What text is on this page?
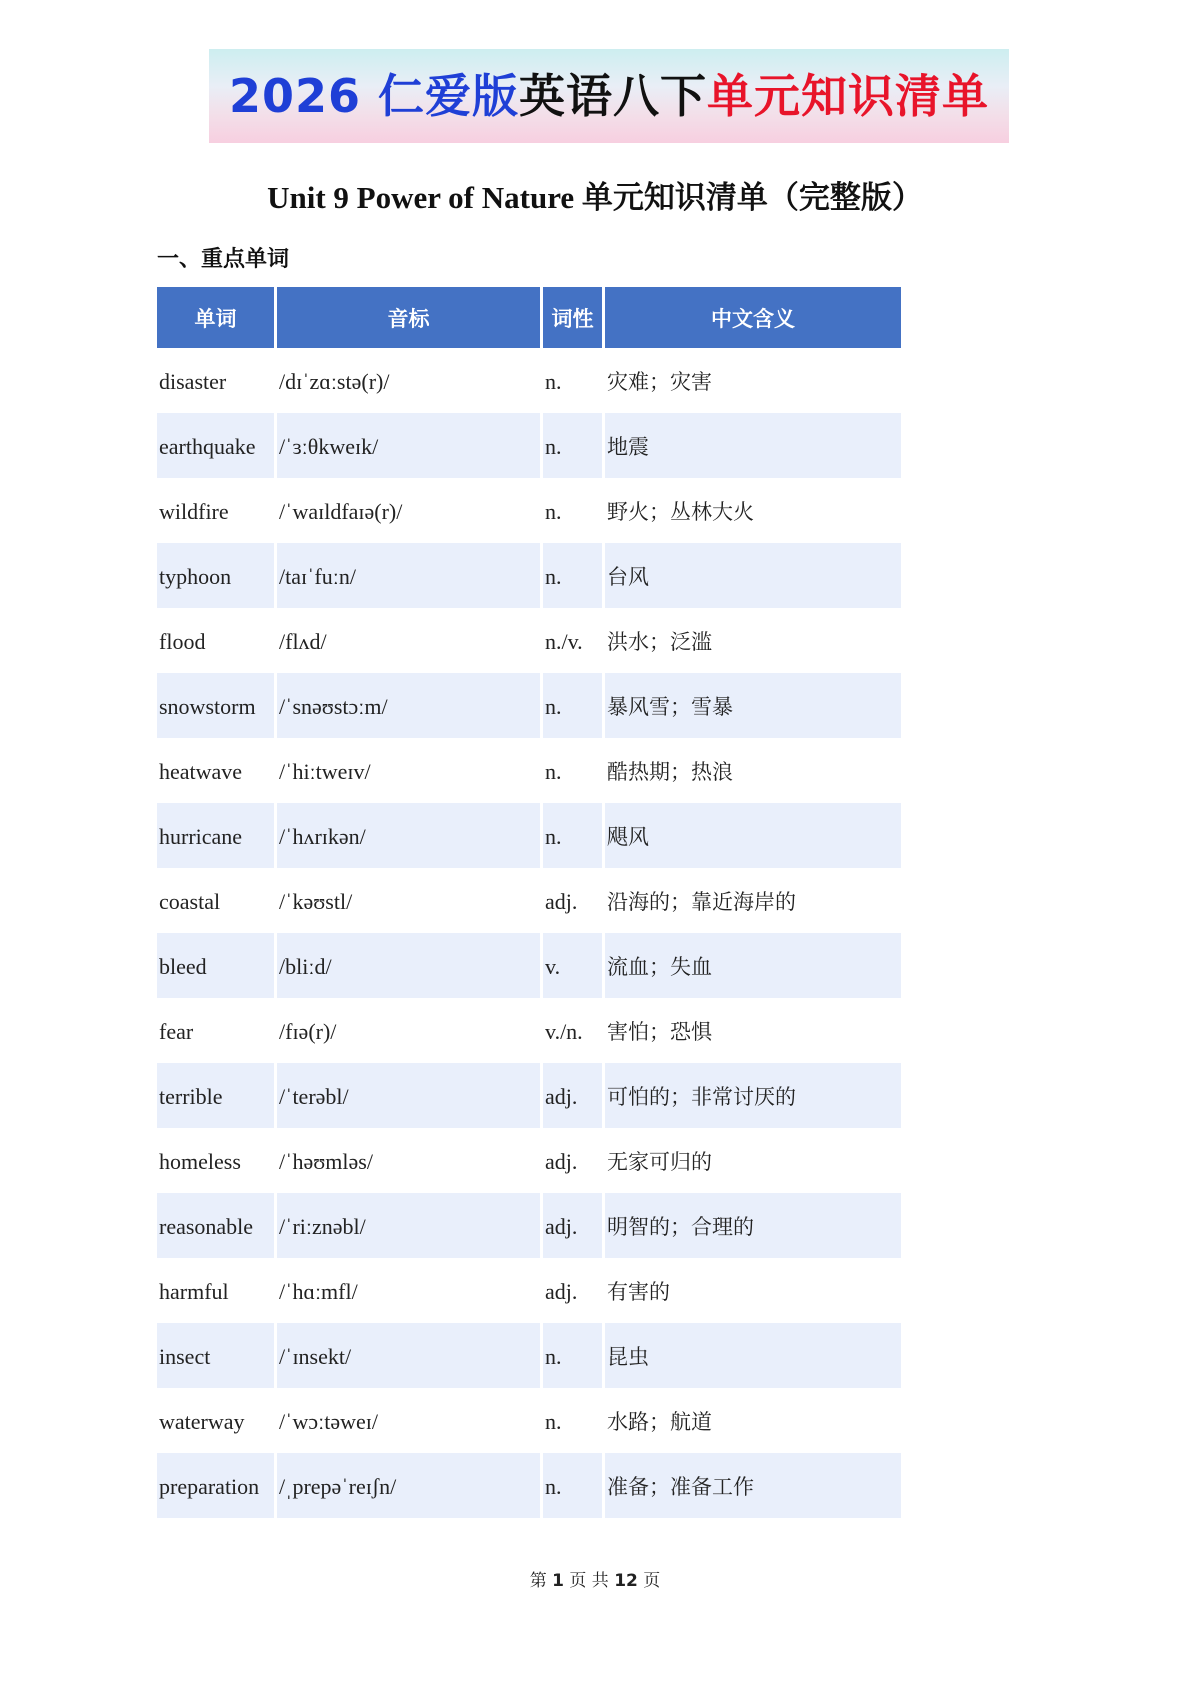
2026 仁爱版英语八下单元知识清单
Unit 9 Power of Nature 单元知识清单（完整版）
一、重点单词
单词	音标	词性	中文含义
disaster	/dɪˈzɑːstə(r)/	n.	灾难；灾害
earthquake	/ˈɜːθkweɪk/	n.	地震
wildfire	/ˈwaɪldfaɪə(r)/	n.	野火；丛林大火
typhoon	/taɪˈfuːn/	n.	台风
flood	/flʌd/	n./v.	洪水；泛滥
snowstorm	/ˈsnəʊstɔːm/	n.	暴风雪；雪暴
heatwave	/ˈhiːtweɪv/	n.	酷热期；热浪
hurricane	/ˈhʌrɪkən/	n.	飓风
coastal	/ˈkəʊstl/	adj.	沿海的；靠近海岸的
bleed	/bliːd/	v.	流血；失血
fear	/fɪə(r)/	v./n.	害怕；恐惧
terrible	/ˈterəbl/	adj.	可怕的；非常讨厌的
homeless	/ˈhəʊmləs/	adj.	无家可归的
reasonable	/ˈriːznəbl/	adj.	明智的；合理的
harmful	/ˈhɑːmfl/	adj.	有害的
insect	/ˈɪnsekt/	n.	昆虫
waterway	/ˈwɔːtəweɪ/	n.	水路；航道
preparation	/ˌprepəˈreɪʃn/	n.	准备；准备工作
第 1 页 共 12 页
